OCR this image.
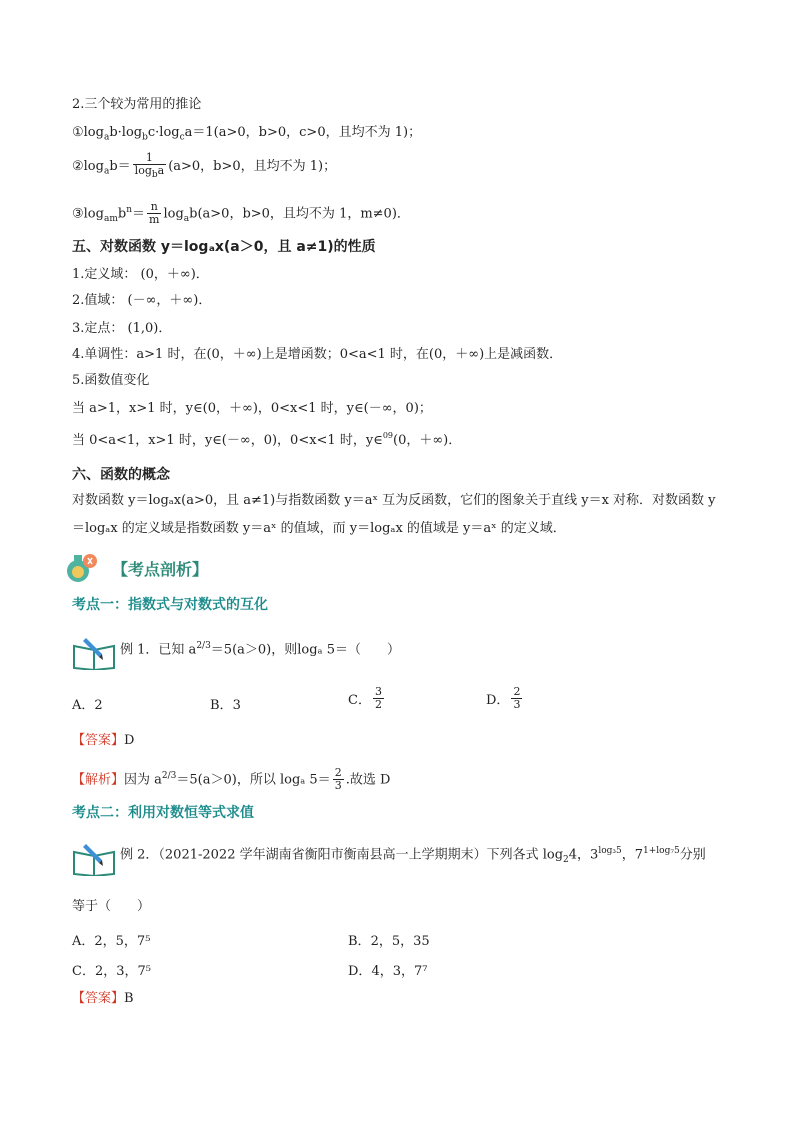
2.三个较为常用的推论
$①\log_ab\cdot\log_bc\cdot\log_ca=1(a>0$，b>0，c>0，且均不为 1)；
$②\log_ab= \frac{1}{\log_ba} (a>0$，b>0，且均不为 1)；
$③\log_{am}b^n= \frac{n}{m} \log_ab(a>0$，b>0，且均不为 1，m≠0)．
五、对数函数 y＝logₐx(a＞0，且 a≠1)的性质
1.定义域： (0，＋∞)．
2.值域： (－∞，＋∞)．
3.定点： (1,0)．
4.单调性：a>1 时，在(0，＋∞)上是增函数；0<a<1 时，在(0，＋∞)上是减函数．
5.函数值变化
当 a>1，x>1 时，y∈(0，＋∞)，0<x<1 时，y∈(－∞，0)；
当 0<a<1，x>1 时，y∈(－∞，0)，0<x<1 时，y∈09(0，＋∞)．
六、函数的概念
对数函数 y＝logₐx(a>0，且 a≠1)与指数函数 y＝aˣ 互为反函数，它们的图象关于直线 y＝x 对称．对数函数 y
＝logₐx 的定义域是指数函数 y＝aˣ 的值域，而 y＝logₐx 的值域是 y＝aˣ 的定义域．
【考点剖析】
考点一：指数式与对数式的互化
例 1．已知 $a^{2/3}=5(a>0)$，则logₐ 5＝（　　）
A．2	B．3	C． $\frac{3}{2}$	D． $\frac{2}{3}$
【答案】D
【解析】因为 $a^{2/3}=5(a>0)$，所以 logₐ $5= \frac{2}{3}$ .故选 D
考点二：利用对数恒等式求值
例 2．（2021-2022 学年湖南省衡阳市衡南县高一上学期期末）下列各式 $\log_24$，$3^{log_35}$，$7^{1+log_75}$分别
等于（　　）
A．2，5，7⁵	B．2，5，35
C．2，3，7⁵	D．4，3，7⁷
【答案】B
